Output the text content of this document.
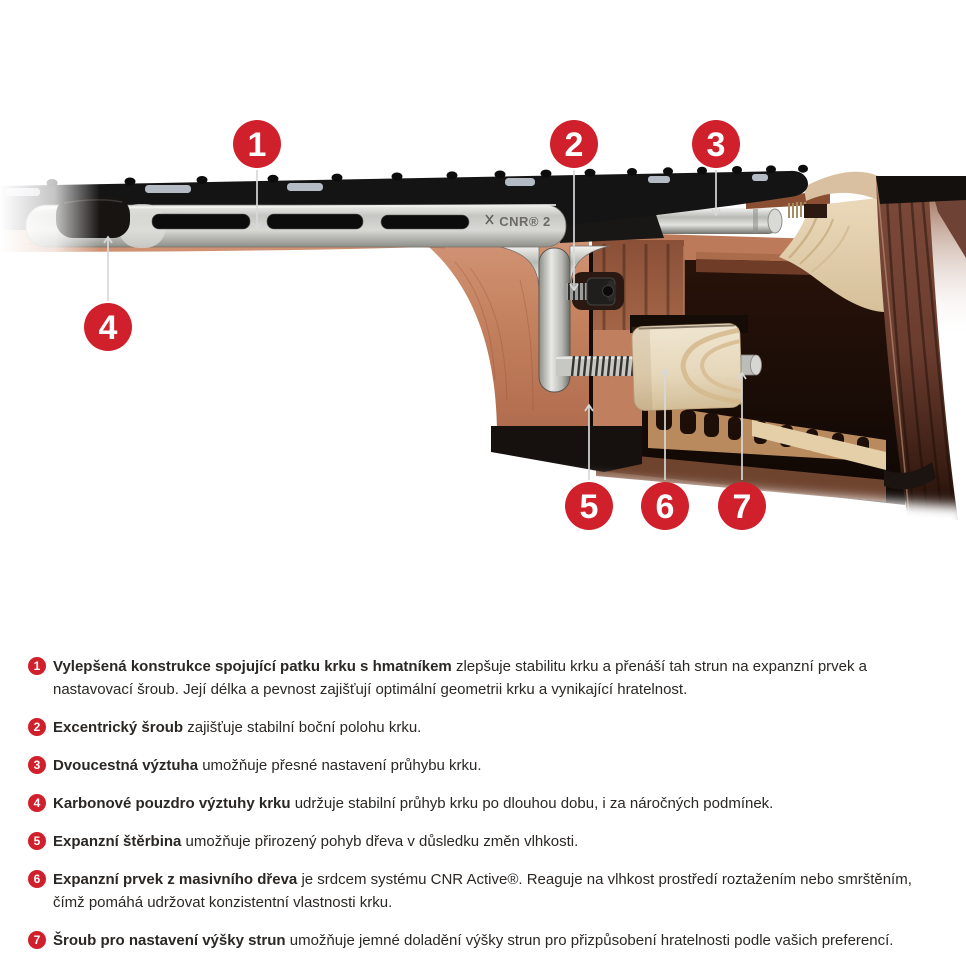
CNR® 2
1	2	3
4
5 6 7
1 Vylepšená konstrukce spojující patku krku s hmatníkem zlepšuje stabilitu krku a přenáší tah strun na expanzní prvek a nastavovací šroub. Její délka a pevnost zajišťují optimální geometrii krku a vynikající hratelnost.

2 Excentrický šroub zajišťuje stabilní boční polohu krku.

3 Dvoucestná výztuha umožňuje přesné nastavení průhybu krku.

4 Karbonové pouzdro výztuhy krku udržuje stabilní průhyb krku po dlouhou dobu, i za náročných podmínek.

5 Expanzní štěrbina umožňuje přirozený pohyb dřeva v důsledku změn vlhkosti.

6 Expanzní prvek z masivního dřeva je srdcem systému CNR Active®. Reaguje na vlhkost prostředí roztažením nebo smrštěním, čímž pomáhá udržovat konzistentní vlastnosti krku.

7 Šroub pro nastavení výšky strun umožňuje jemné doladění výšky strun pro přizpůsobení hratelnosti podle vašich preferencí.
